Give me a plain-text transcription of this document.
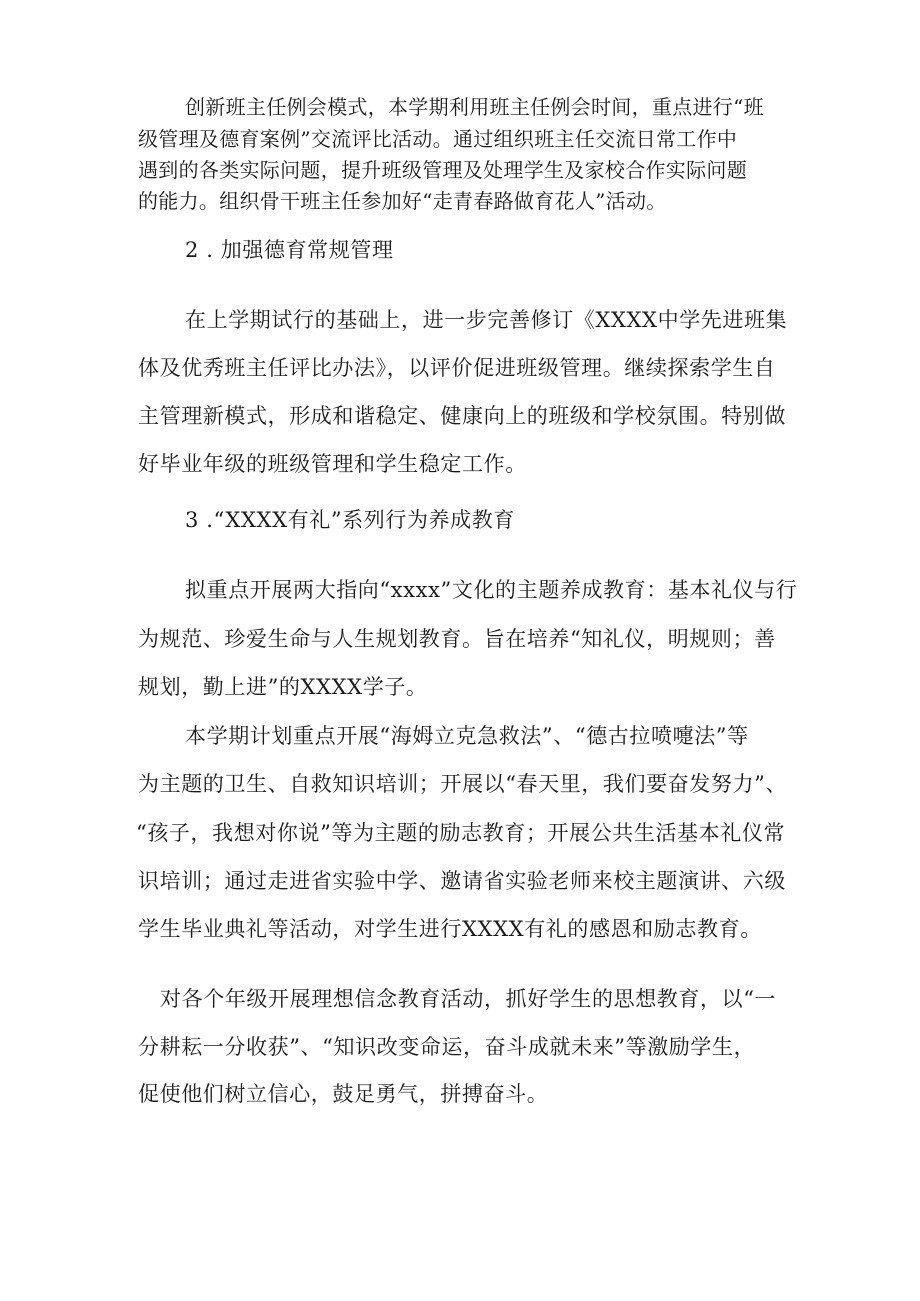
创新班主任例会模式，本学期利用班主任例会时间，重点进行“班
级管理及德育案例”交流评比活动。通过组织班主任交流日常工作中
遇到的各类实际问题，提升班级管理及处理学生及家校合作实际问题
的能力。组织骨干班主任参加好“走青春路做育花人”活动。
2 . 加强德育常规管理
在上学期试行的基础上，进一步完善修订《XXXX中学先进班集
体及优秀班主任评比办法》，以评价促进班级管理。继续探索学生自
主管理新模式，形成和谐稳定、健康向上的班级和学校氛围。特别做
好毕业年级的班级管理和学生稳定工作。
3 .“XXXX有礼”系列行为养成教育
拟重点开展两大指向“xxxx”文化的主题养成教育：基本礼仪与行
为规范、珍爱生命与人生规划教育。旨在培养“知礼仪，明规则；善
规划，勤上进”的XXXX学子。
本学期计划重点开展“海姆立克急救法”、“德古拉喷嚏法”等
为主题的卫生、自救知识培训；开展以“春天里，我们要奋发努力”、
“孩子，我想对你说”等为主题的励志教育；开展公共生活基本礼仪常
识培训；通过走进省实验中学、邀请省实验老师来校主题演讲、六级
学生毕业典礼等活动，对学生进行XXXX有礼的感恩和励志教育。
对各个年级开展理想信念教育活动，抓好学生的思想教育，以“一
分耕耘一分收获”、“知识改变命运，奋斗成就未来”等激励学生，
促使他们树立信心，鼓足勇气，拼搏奋斗。
